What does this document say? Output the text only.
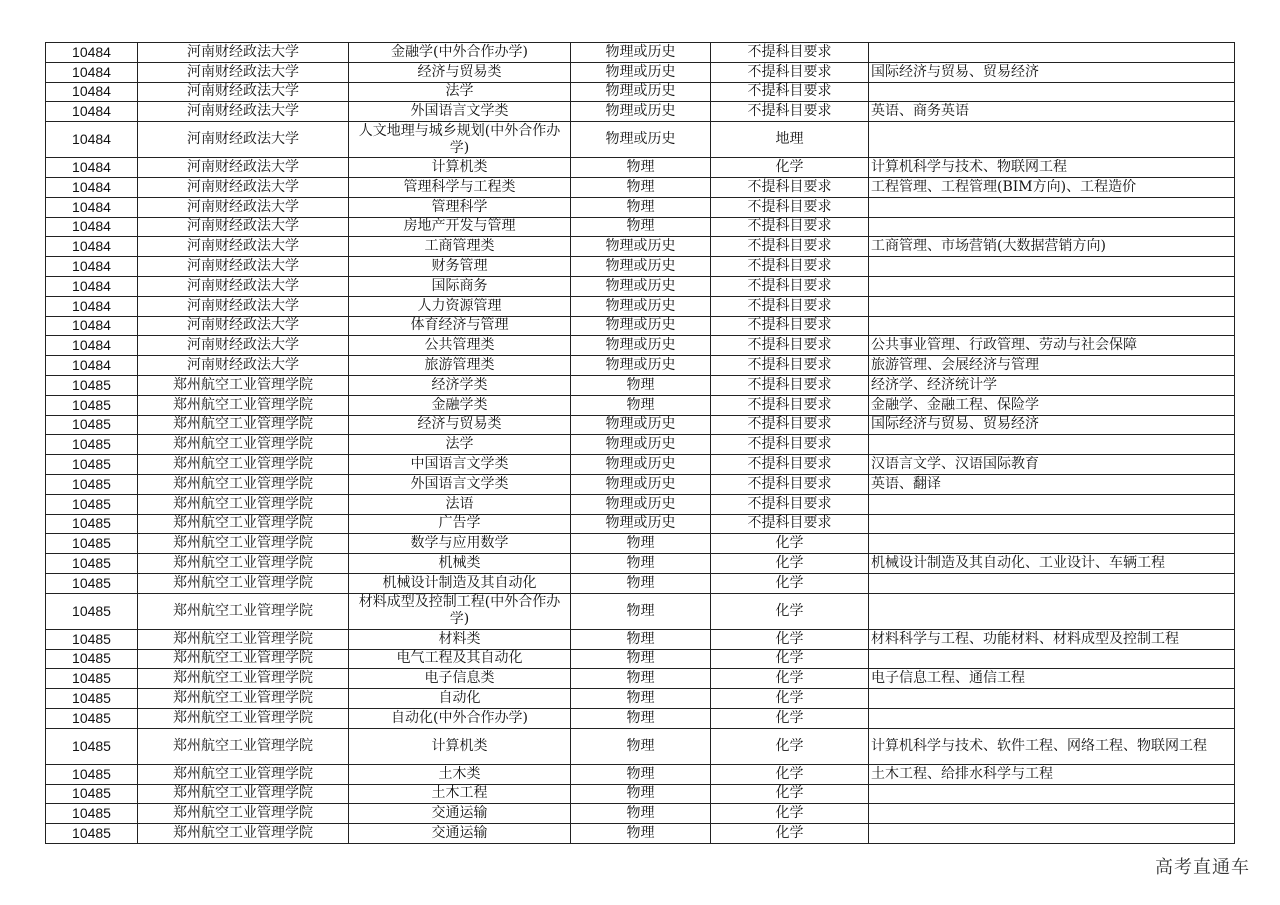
10484	河南财经政法大学	金融学(中外合作办学)	物理或历史	不提科目要求	
10484	河南财经政法大学	经济与贸易类	物理或历史	不提科目要求	国际经济与贸易、贸易经济
10484	河南财经政法大学	法学	物理或历史	不提科目要求	
10484	河南财经政法大学	外国语言文学类	物理或历史	不提科目要求	英语、商务英语
10484	河南财经政法大学	人文地理与城乡规划(中外合作办学)	物理或历史	地理	
10484	河南财经政法大学	计算机类	物理	化学	计算机科学与技术、物联网工程
10484	河南财经政法大学	管理科学与工程类	物理	不提科目要求	工程管理、工程管理(BIM方向)、工程造价
10484	河南财经政法大学	管理科学	物理	不提科目要求	
10484	河南财经政法大学	房地产开发与管理	物理	不提科目要求	
10484	河南财经政法大学	工商管理类	物理或历史	不提科目要求	工商管理、市场营销(大数据营销方向)
10484	河南财经政法大学	财务管理	物理或历史	不提科目要求	
10484	河南财经政法大学	国际商务	物理或历史	不提科目要求	
10484	河南财经政法大学	人力资源管理	物理或历史	不提科目要求	
10484	河南财经政法大学	体育经济与管理	物理或历史	不提科目要求	
10484	河南财经政法大学	公共管理类	物理或历史	不提科目要求	公共事业管理、行政管理、劳动与社会保障
10484	河南财经政法大学	旅游管理类	物理或历史	不提科目要求	旅游管理、会展经济与管理
10485	郑州航空工业管理学院	经济学类	物理	不提科目要求	经济学、经济统计学
10485	郑州航空工业管理学院	金融学类	物理	不提科目要求	金融学、金融工程、保险学
10485	郑州航空工业管理学院	经济与贸易类	物理或历史	不提科目要求	国际经济与贸易、贸易经济
10485	郑州航空工业管理学院	法学	物理或历史	不提科目要求	
10485	郑州航空工业管理学院	中国语言文学类	物理或历史	不提科目要求	汉语言文学、汉语国际教育
10485	郑州航空工业管理学院	外国语言文学类	物理或历史	不提科目要求	英语、翻译
10485	郑州航空工业管理学院	法语	物理或历史	不提科目要求	
10485	郑州航空工业管理学院	广告学	物理或历史	不提科目要求	
10485	郑州航空工业管理学院	数学与应用数学	物理	化学	
10485	郑州航空工业管理学院	机械类	物理	化学	机械设计制造及其自动化、工业设计、车辆工程
10485	郑州航空工业管理学院	机械设计制造及其自动化	物理	化学	
10485	郑州航空工业管理学院	材料成型及控制工程(中外合作办学)	物理	化学	
10485	郑州航空工业管理学院	材料类	物理	化学	材料科学与工程、功能材料、材料成型及控制工程
10485	郑州航空工业管理学院	电气工程及其自动化	物理	化学	
10485	郑州航空工业管理学院	电子信息类	物理	化学	电子信息工程、通信工程
10485	郑州航空工业管理学院	自动化	物理	化学	
10485	郑州航空工业管理学院	自动化(中外合作办学)	物理	化学	
10485	郑州航空工业管理学院	计算机类	物理	化学	计算机科学与技术、软件工程、网络工程、物联网工程
10485	郑州航空工业管理学院	土木类	物理	化学	土木工程、给排水科学与工程
10485	郑州航空工业管理学院	土木工程	物理	化学	
10485	郑州航空工业管理学院	交通运输	物理	化学	
10485	郑州航空工业管理学院	交通运输	物理	化学	
高考直通车
